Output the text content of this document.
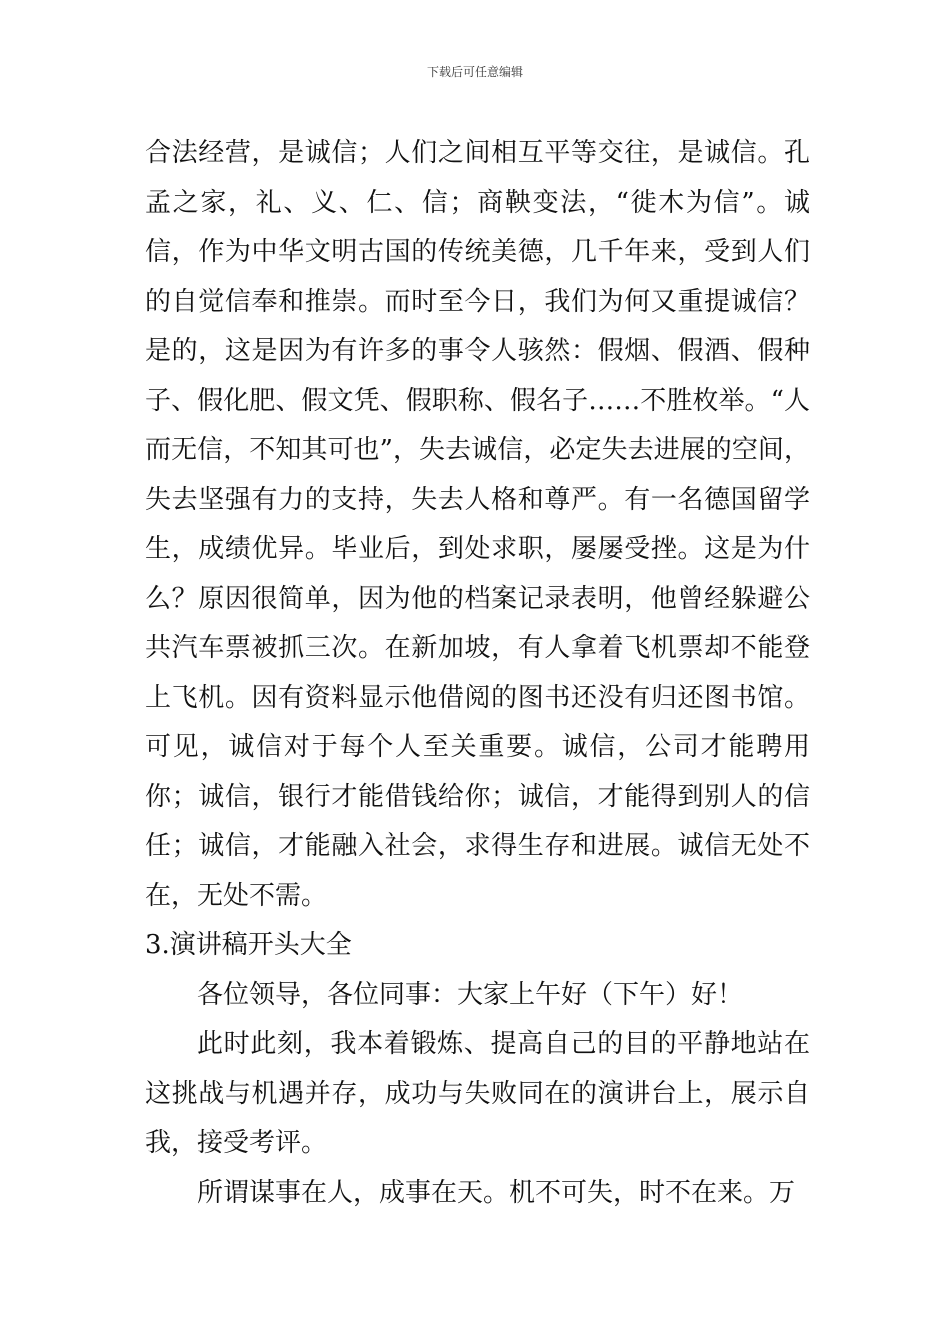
下载后可任意编辑

合法经营，是诚信；人们之间相互平等交往，是诚信。孔孟之家，礼、义、仁、信；商鞅变法，“徙木为信”。诚信，作为中华文明古国的传统美德，几千年来，受到人们的自觉信奉和推崇。而时至今日，我们为何又重提诚信？是的，这是因为有许多的事令人骇然：假烟、假酒、假种子、假化肥、假文凭、假职称、假名子……不胜枚举。“人而无信，不知其可也”，失去诚信，必定失去进展的空间，失去坚强有力的支持，失去人格和尊严。有一名德国留学生，成绩优异。毕业后，到处求职，屡屡受挫。这是为什么？原因很简单，因为他的档案记录表明，他曾经躲避公共汽车票被抓三次。在新加坡，有人拿着飞机票却不能登上飞机。因有资料显示他借阅的图书还没有归还图书馆。可见，诚信对于每个人至关重要。诚信，公司才能聘用你；诚信，银行才能借钱给你；诚信，才能得到别人的信任；诚信，才能融入社会，求得生存和进展。诚信无处不在，无处不需。

3.演讲稿开头大全

各位领导，各位同事：大家上午好（下午）好！

此时此刻，我本着锻炼、提高自己的目的平静地站在这挑战与机遇并存，成功与失败同在的演讲台上，展示自我，接受考评。

所谓谋事在人，成事在天。机不可失，时不在来。万
